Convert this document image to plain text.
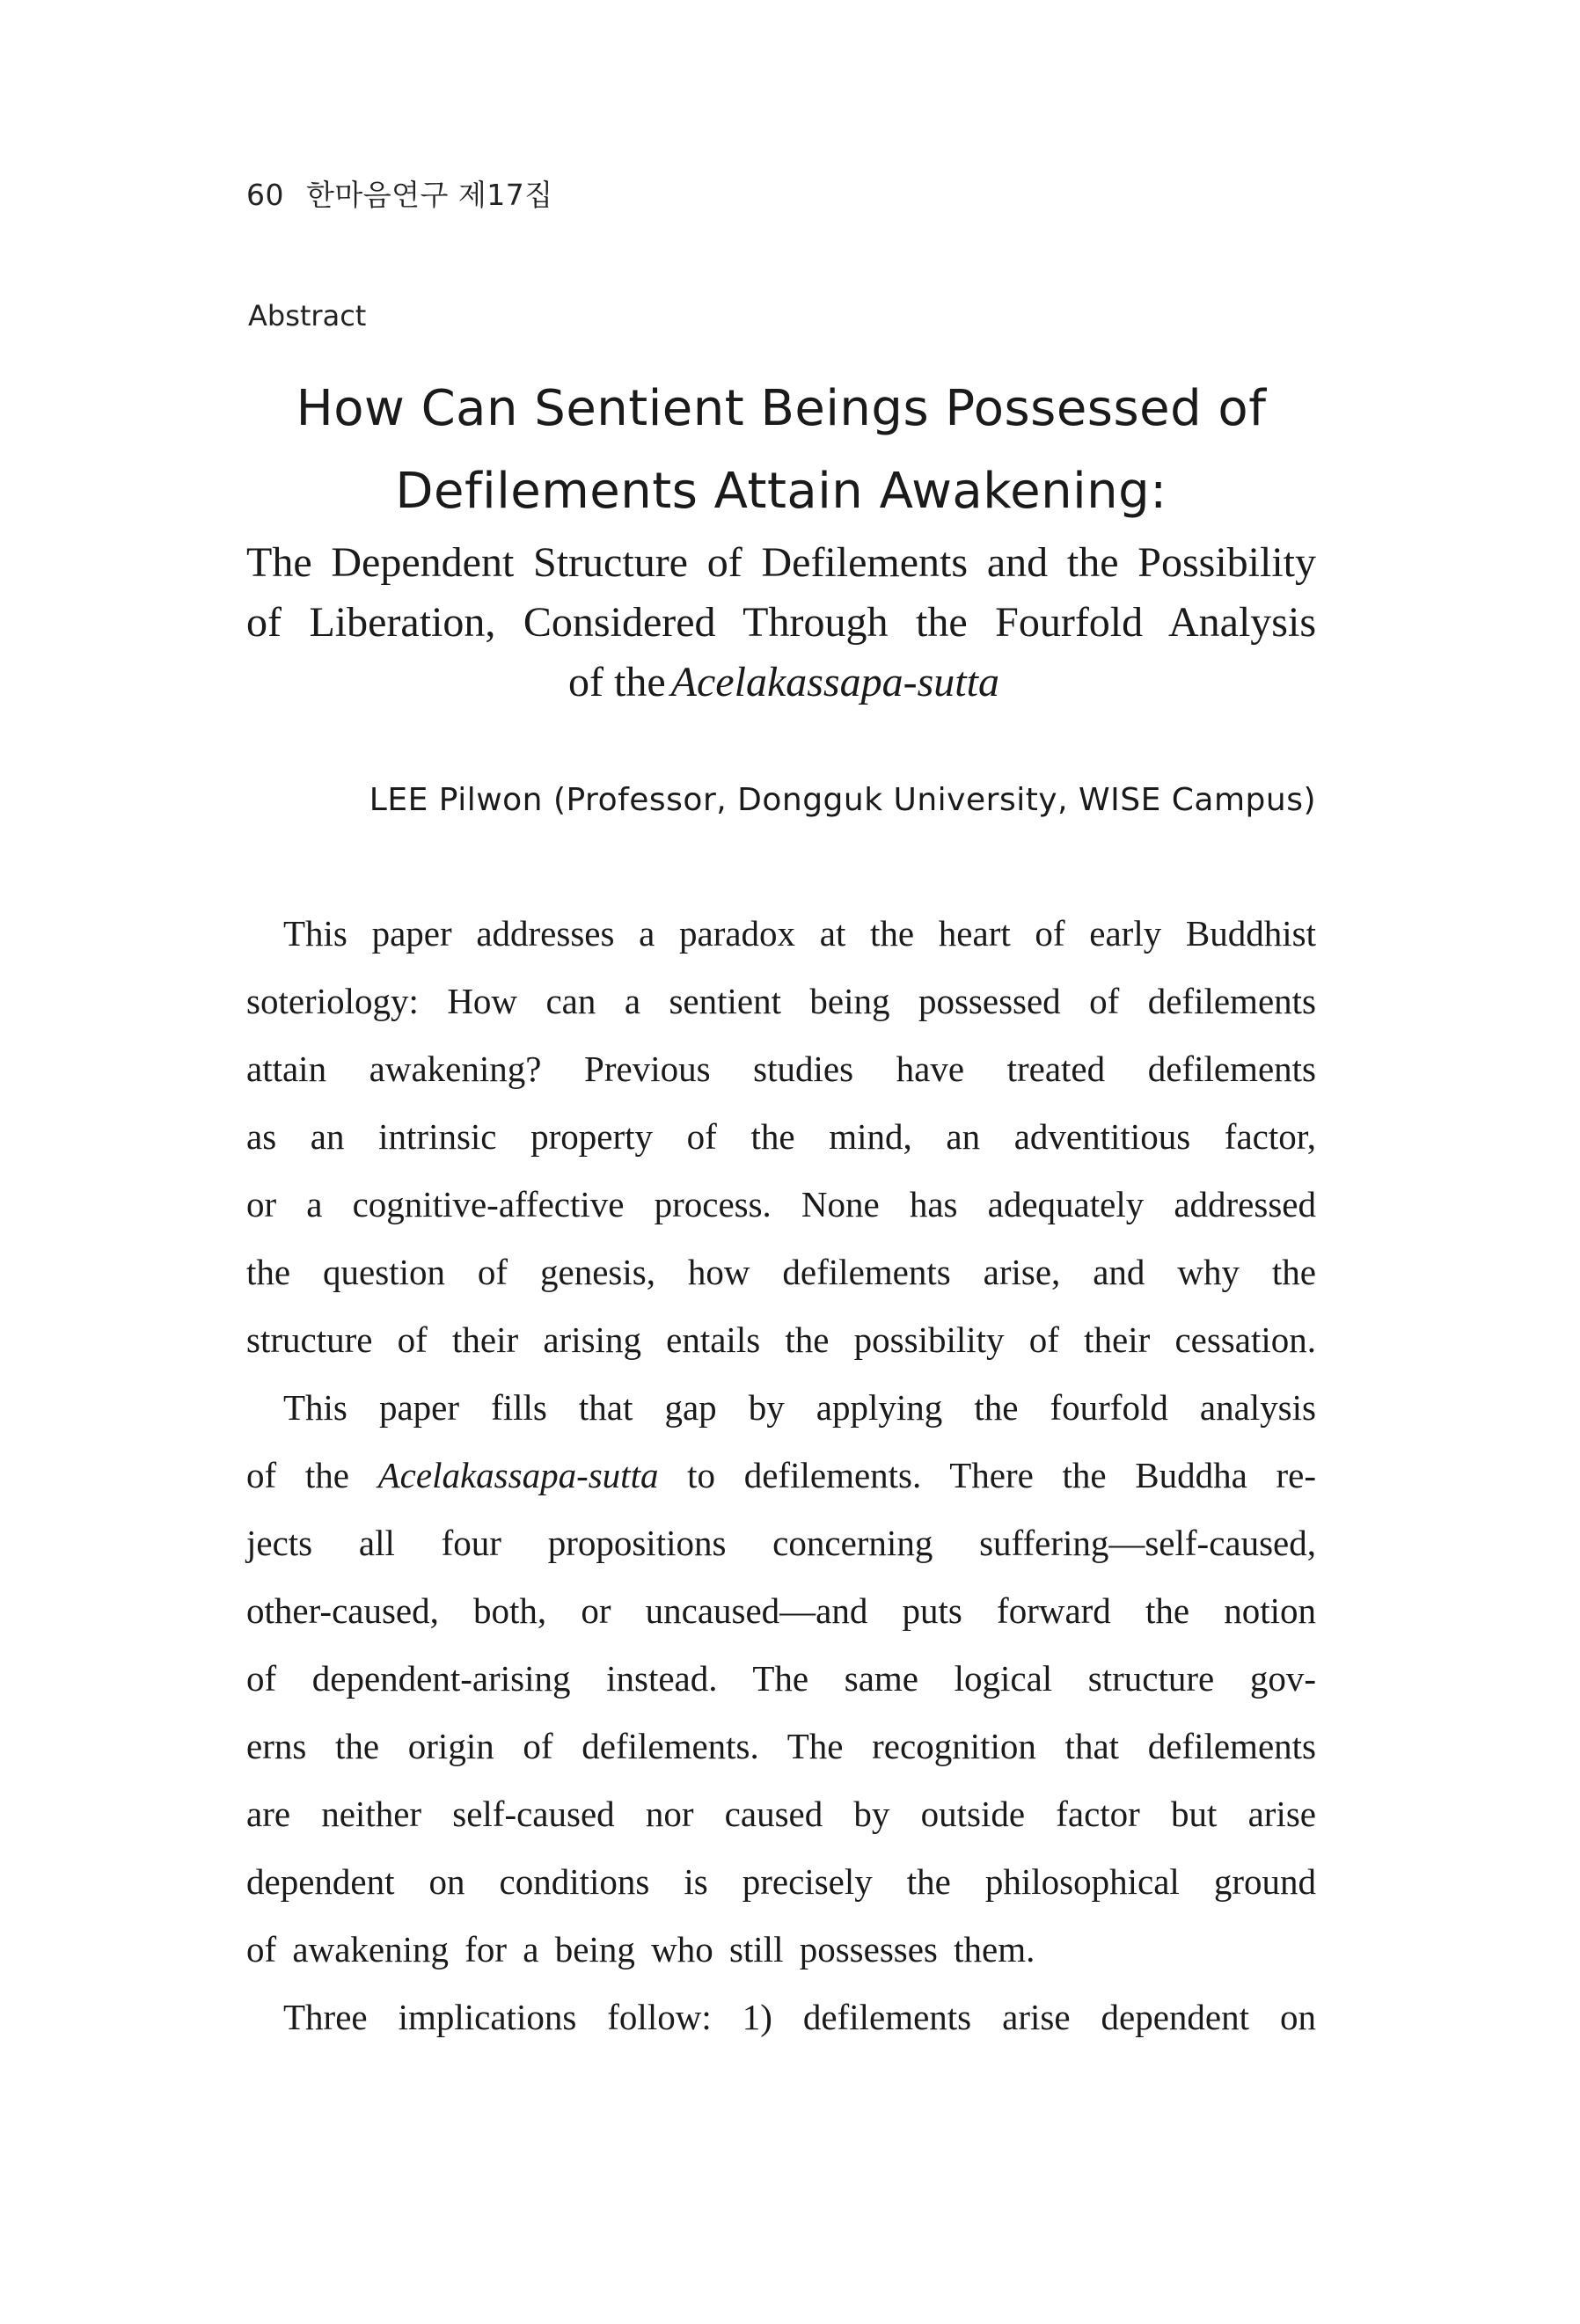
60 한마음연구 제17집
Abstract
How Can Sentient Beings Possessed of
Defilements Attain Awakening:
The Dependent Structure of Defilements and the Possibility
of Liberation, Considered Through the Fourfold Analysis
of the Acelakassapa-sutta
LEE Pilwon (Professor, Dongguk University, WISE Campus)
This paper addresses a paradox at the heart of early Buddhist
soteriology: How can a sentient being possessed of defilements
attain awakening? Previous studies have treated defilements
as an intrinsic property of the mind, an adventitious factor,
or a cognitive-affective process. None has adequately addressed
the question of genesis, how defilements arise, and why the
structure of their arising entails the possibility of their cessation.
This paper fills that gap by applying the fourfold analysis
of the Acelakassapa-sutta to defilements. There the Buddha re-
jects all four propositions concerning suffering—self-caused,
other-caused, both, or uncaused—and puts forward the notion
of dependent-arising instead. The same logical structure gov-
erns the origin of defilements. The recognition that defilements
are neither self-caused nor caused by outside factor but arise
dependent on conditions is precisely the philosophical ground
of awakening for a being who still possesses them.
Three implications follow: 1) defilements arise dependent on
